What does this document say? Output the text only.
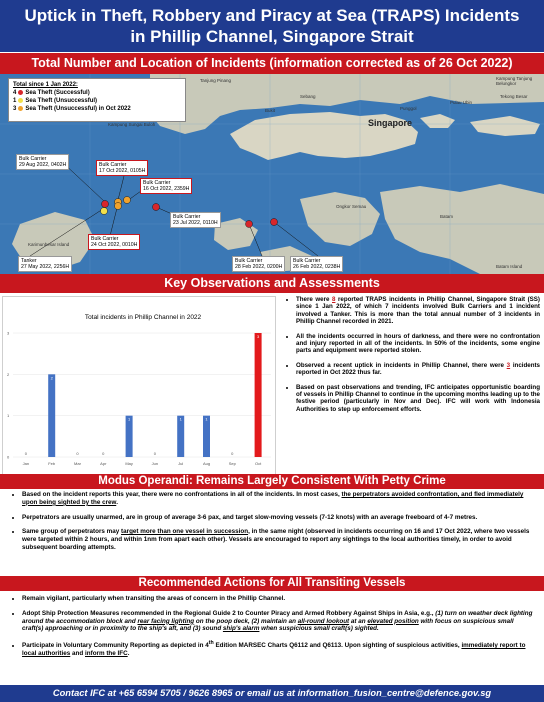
Uptick in Theft, Robbery and Piracy at Sea (TRAPS) Incidents
in Phillip Channel, Singapore Strait
Total Number and Location of Incidents (information corrected as of 26 Oct 2022)
Singapore
Tanjung Pinang
Kampung Sungai Buloh
Bukit
Sebang
Punggol
Pulau Ubin
Tekong Besar
Batam
Kampung Tanjung Belungkor
Karimunbesar Island
Batam Island
Ongkor Semau
Bulk Carrier
29 Aug 2022, 0402H	Bulk Carrier
17 Oct 2022, 0105H
Bulk Carrier
16 Oct 2022, 2359H
Bulk Carrier
23 Jul 2022, 0110H
Bulk Carrier
24 Oct 2022, 0010H
Tanker
27 May 2022, 2256H
Bulk Carrier
28 Feb 2022, 0200H
Bulk Carrier
26 Feb 2022, 0238H
Total since 1 Jan 2022:
4 Sea Theft (Successful)
1 Sea Theft (Unsuccessful)
3 Sea Theft (Unsuccessful) in Oct 2022
Key Observations and Assessments
Total incidents in Phillip Channel in 2022
0
1
2
3
0
Jan
2
Feb
0
Mar
0
Apr
1
May
0
Jun
1
Jul
1
Aug
0
Sep
3
Oct
• There were 8 reported TRAPS incidents in Phillip Channel, Singapore Strait (SS) since 1 Jan 2022, of which 7 incidents involved Bulk Carriers and 1 incident involved a Tanker. This is more than the total annual number of 3 incidents in Phillip Channel recorded in 2021.
• All the incidents occurred in hours of darkness, and there were no confrontation and injury reported in all of the incidents. In 50% of the incidents, some engine parts and equipment were reported stolen.
• Observed a recent uptick in incidents in Phillip Channel, there were 3 incidents reported in Oct 2022 thus far.
• Based on past observations and trending, IFC anticipates opportunistic boarding of vessels in Phillip Channel to continue in the upcoming months leading up to the festive period (particularly in Nov and Dec). IFC will work with Indonesia Authorities to step up enforcement efforts.
Modus Operandi: Remains Largely Consistent With Petty Crime
• Based on the incident reports this year, there were no confrontations in all of the incidents. In most cases, the perpetrators avoided confrontation, and fled immediately upon being sighted by the crew.
• Perpetrators are usually unarmed, are in group of average 3-6 pax, and target slow-moving vessels (7-12 knots) with an average freeboard of 4-7 metres.
• Same group of perpetrators may target more than one vessel in succession, in the same night (observed in incidents occurring on 16 and 17 Oct 2022, where two vessels were targeted within 2 hours, and within 1nm from apart each other). Vessels are encouraged to report any sightings to the local authorities timely, in order to avoid subsequent boarding attempts.
Recommended Actions for All Transiting Vessels
• Remain vigilant, particularly when transiting the areas of concern in the Phillip Channel.
• Adopt Ship Protection Measures recommended in the Regional Guide 2 to Counter Piracy and Armed Robbery Against Ships in Asia, e.g., (1) turn on weather deck lighting around the accommodation block and rear facing lighting on the poop deck, (2) maintain an all-round lookout at an elevated position with focus on suspicious small craft(s) approaching or in proximity to the ship's aft, and (3) sound ship's alarm when suspicious small craft(s) sighted.
• Participate in Voluntary Community Reporting as depicted in 4th Edition MARSEC Charts Q6112 and Q6113. Upon sighting of suspicious activities, immediately report to local authorities and inform the IFC.
Contact IFC at +65 6594 5705 / 9626 8965 or email us at information_fusion_centre@defence.gov.sg
